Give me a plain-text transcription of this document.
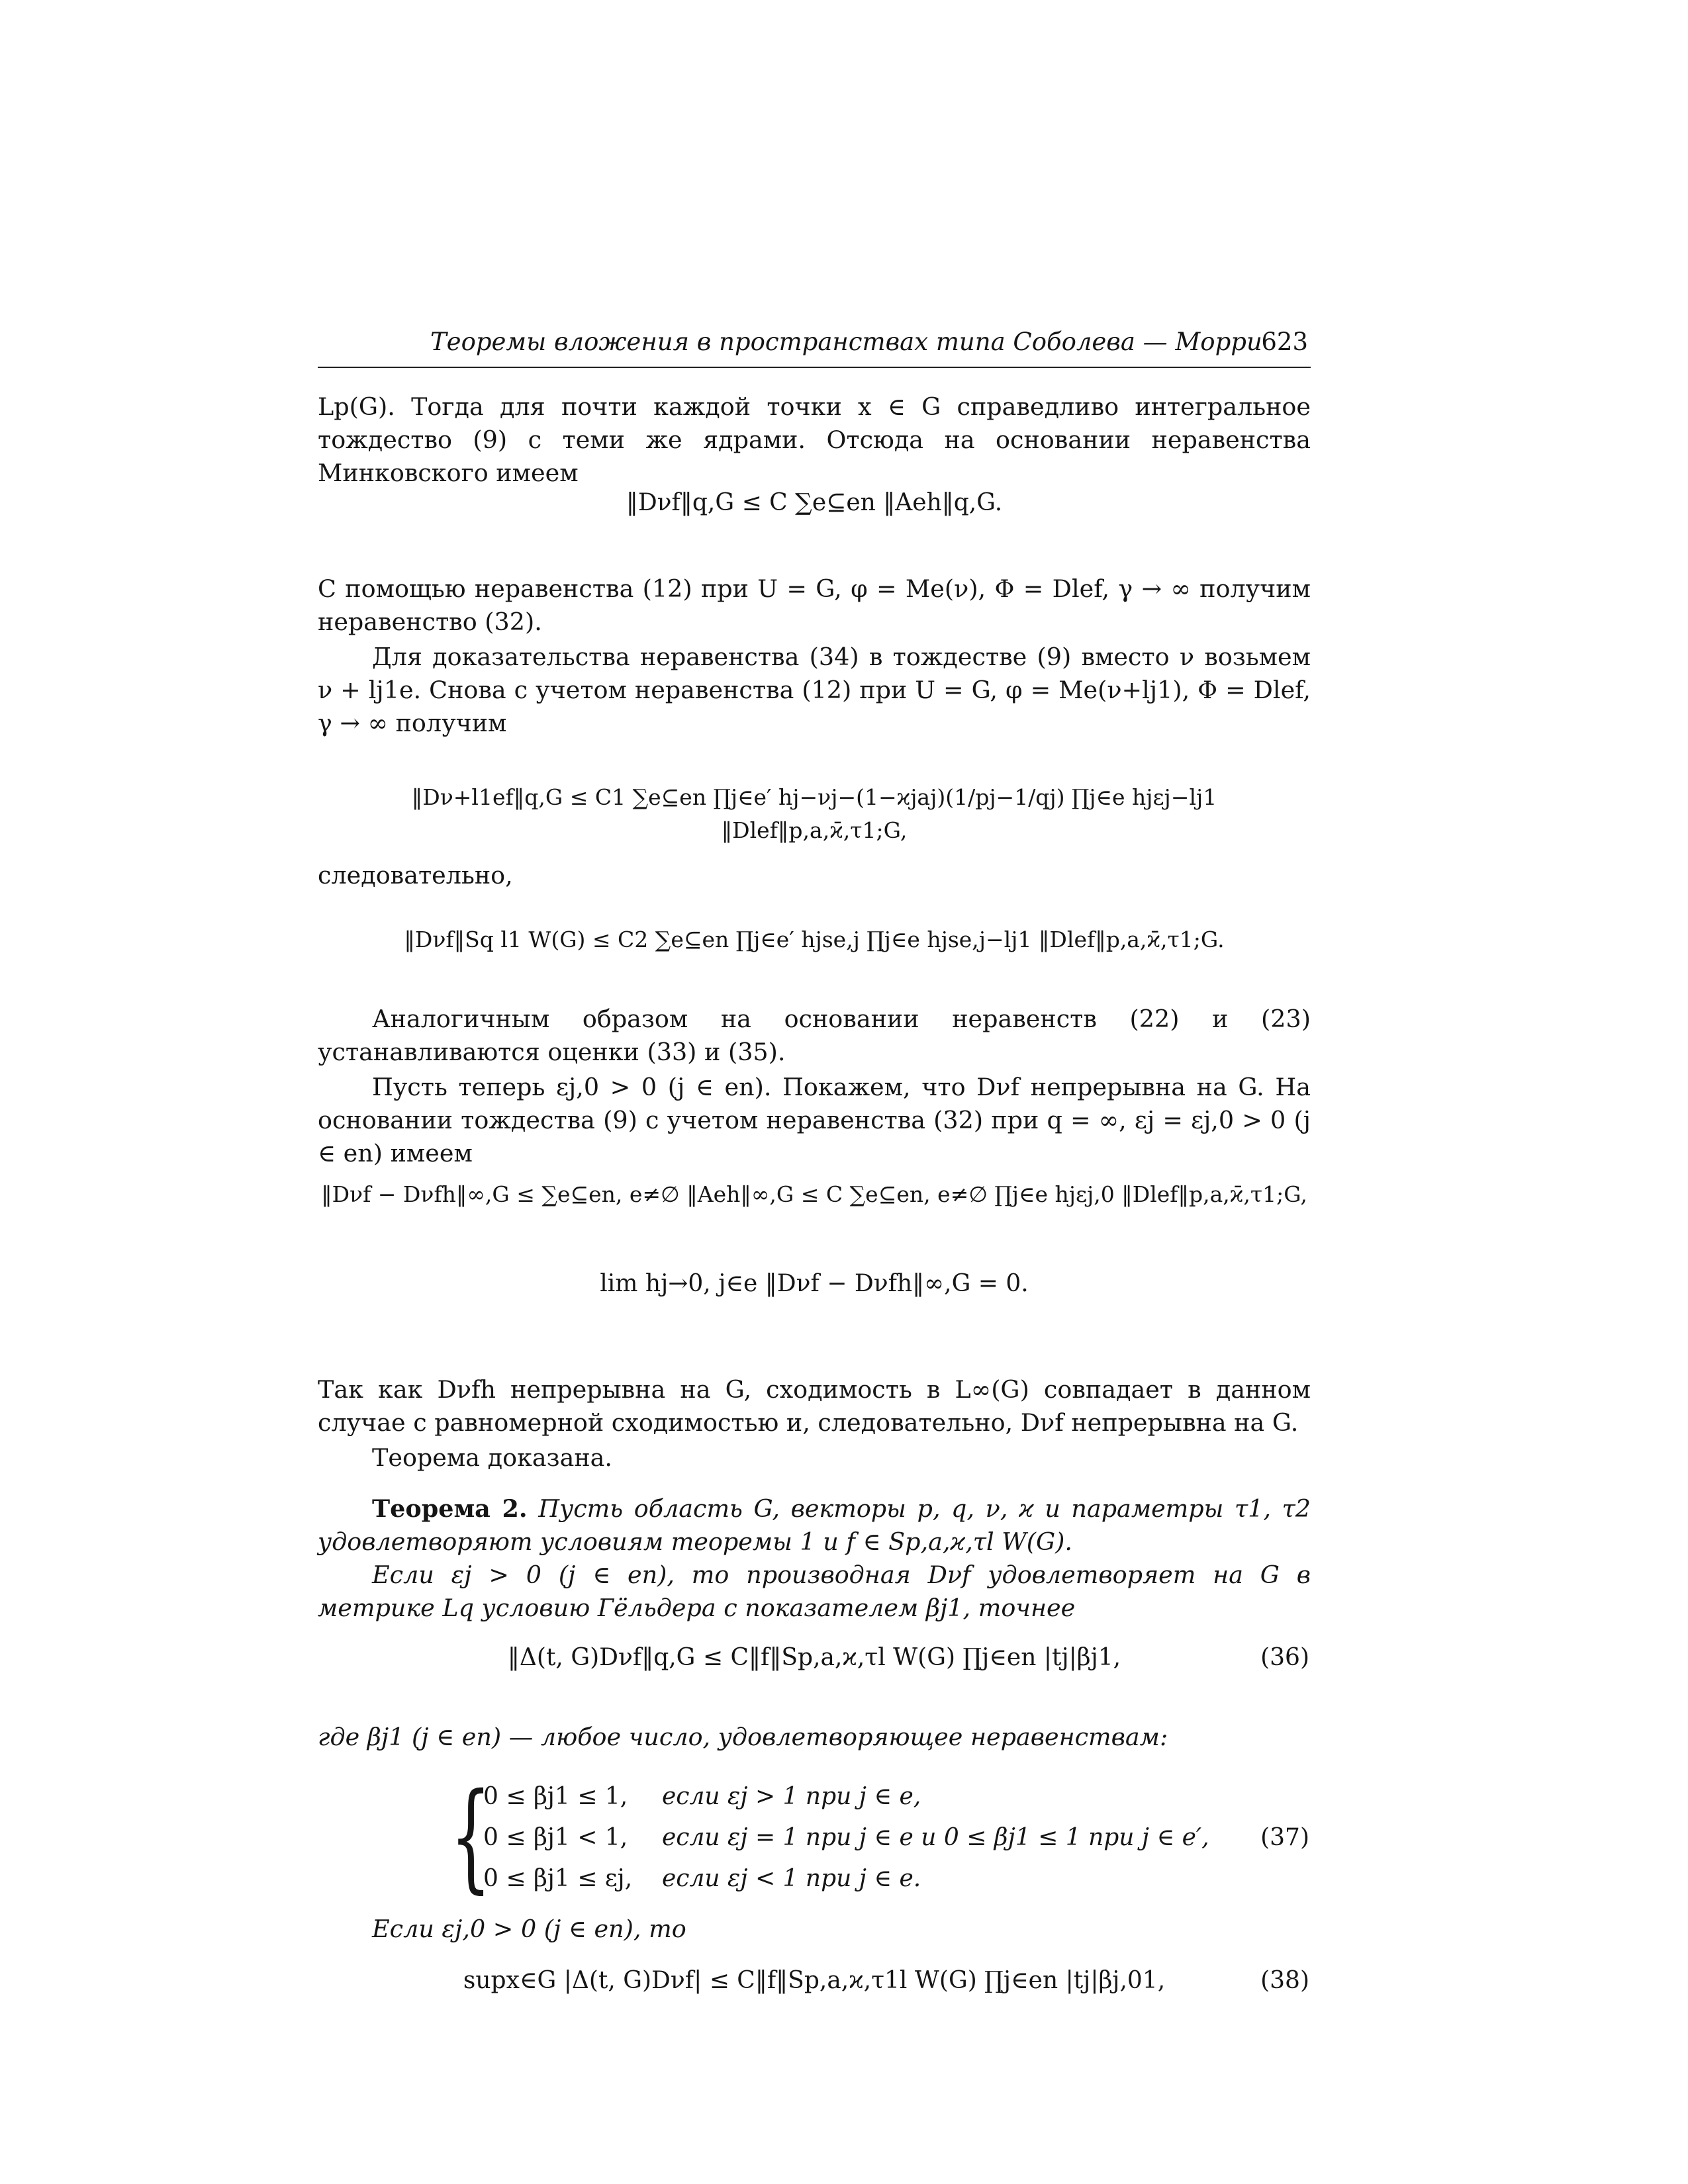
Теоремы вложения в пространствах типа Соболева — Морри
623

Lp(G). Тогда для почти каждой точки x ∈ G справедливо интегральное тождество (9) с теми же ядрами. Отсюда на основании неравенства Минковского имеем

‖Dνf‖q,G ≤ C ∑e⊆en ‖Aeh‖q,G.

С помощью неравенства (12) при U = G, φ = Me(ν), Φ = Dlef, γ → ∞ получим неравенство (32).

Для доказательства неравенства (34) в тождестве (9) вместо ν возьмем ν + lj1e. Снова с учетом неравенства (12) при U = G, φ = Me(ν+lj1), Φ = Dlef, γ → ∞ получим

‖Dν+l1ef‖q,G ≤ C1 ∑e⊆en ∏j∈e′ hj−νj−(1−ϰjaj)(1/pj−1/qj) ∏j∈e hjεj−lj1 ‖Dlef‖p,a,ϰ̄,τ1;G,

следовательно,

‖Dνf‖Sq l1 W(G) ≤ C2 ∑e⊆en ∏j∈e′ hjse,j ∏j∈e hjse,j−lj1 ‖Dlef‖p,a,ϰ̄,τ1;G.

Аналогичным образом на основании неравенств (22) и (23) устанавливаются оценки (33) и (35).

Пусть теперь εj,0 > 0 (j ∈ en). Покажем, что Dνf непрерывна на G. На основании тождества (9) с учетом неравенства (32) при q = ∞, εj = εj,0 > 0 (j ∈ en) имеем

‖Dνf − Dνfh‖∞,G ≤ ∑e⊆en, e≠∅ ‖Aeh‖∞,G ≤ C ∑e⊆en, e≠∅ ∏j∈e hjεj,0 ‖Dlef‖p,a,ϰ̄,τ1;G,
lim hj→0, j∈e ‖Dνf − Dνfh‖∞,G = 0.

Так как Dνfh непрерывна на G, сходимость в L∞(G) совпадает в данном случае с равномерной сходимостью и, следовательно, Dνf непрерывна на G.

Теорема доказана.

Теорема 2. Пусть область G, векторы p, q, ν, ϰ и параметры τ1, τ2 удовлетворяют условиям теоремы 1 и f ∈ Sp,a,ϰ,τl W(G).

Если εj > 0 (j ∈ en), то производная Dνf удовлетворяет на G в метрике Lq условию Гёльдера с показателем βj1, точнее

‖Δ(t, G)Dνf‖q,G ≤ C‖f‖Sp,a,ϰ,τl W(G) ∏j∈en |tj|βj1,	(36)

где βj1 (j ∈ en) — любое число, удовлетворяющее неравенствам:

{
0 ≤ βj1 ≤ 1, если εj > 1 при j ∈ e,
0 ≤ βj1 < 1, если εj = 1 при j ∈ e и 0 ≤ βj1 ≤ 1 при j ∈ e′,
0 ≤ βj1 ≤ εj, если εj < 1 при j ∈ e.
(37)

Если εj,0 > 0 (j ∈ en), то

supx∈G |Δ(t, G)Dνf| ≤ C‖f‖Sp,a,ϰ,τ1l W(G) ∏j∈en |tj|βj,01,	(38)
